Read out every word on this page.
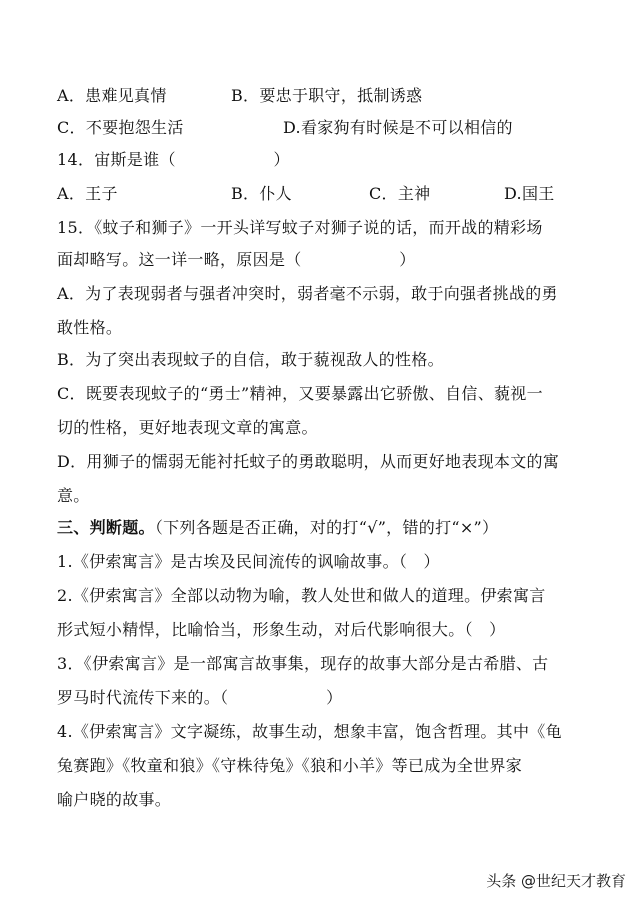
A．患难见真情	B．要忠于职守，抵制诱惑
C．不要抱怨生活	D.看家狗有时候是不可以相信的
14．宙斯是谁（　　　　　　）
A．王子	B．仆人	C．主神	D.国王
15．《蚊子和狮子》一开头详写蚊子对狮子说的话，而开战的精彩场
面却略写。这一详一略，原因是（　　　　　　）
A．为了表现弱者与强者冲突时，弱者毫不示弱，敢于向强者挑战的勇
敢性格。
B．为了突出表现蚊子的自信，敢于藐视敌人的性格。
C．既要表现蚊子的“勇士”精神，又要暴露出它骄傲、自信、藐视一
切的性格，更好地表现文章的寓意。
D．用狮子的懦弱无能衬托蚊子的勇敢聪明，从而更好地表现本文的寓
意。
三、判断题。（下列各题是否正确，对的打“√”，错的打“×”）
1.《伊索寓言》是古埃及民间流传的讽喻故事。（　）
2.《伊索寓言》全部以动物为喻，教人处世和做人的道理。伊索寓言
形式短小精悍，比喻恰当，形象生动，对后代影响很大。（　）
3．《伊索寓言》是一部寓言故事集，现存的故事大部分是古希腊、古
罗马时代流传下来的。（　　　　　　）
4.《伊索寓言》文字凝练，故事生动，想象丰富，饱含哲理。其中《龟
兔赛跑》《牧童和狼》《守株待兔》《狼和小羊》等已成为全世界家
喻户晓的故事。
头条 @世纪天才教育
